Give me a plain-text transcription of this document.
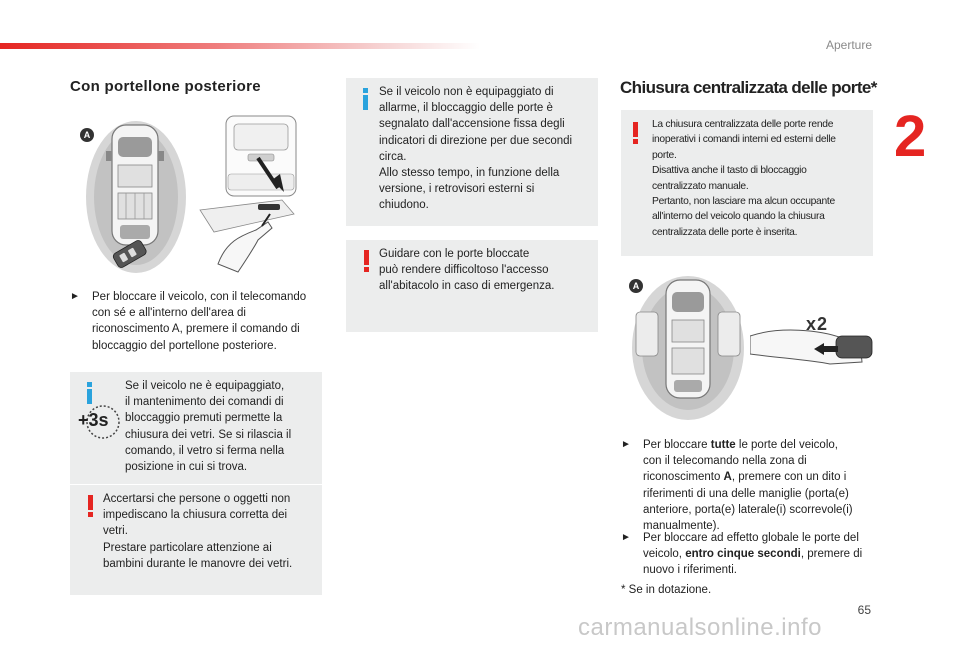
Aperture
2
Con portellone posteriore
A
► Per bloccare il veicolo, con il telecomando
con sé e all'interno dell'area di
riconoscimento A, premere il comando di
bloccaggio del portellone posteriore.
+3s
Se il veicolo ne è equipaggiato,
il mantenimento dei comandi di
bloccaggio premuti permette la
chiusura dei vetri. Se si rilascia il
comando, il vetro si ferma nella
posizione in cui si trova.
Accertarsi che persone o oggetti non
impediscano la chiusura corretta dei
vetri.
Prestare particolare attenzione ai
bambini durante le manovre dei vetri.
Se il veicolo non è equipaggiato di
allarme, il bloccaggio delle porte è
segnalato dall'accensione fissa degli
indicatori di direzione per due secondi
circa.
Allo stesso tempo, in funzione della
versione, i retrovisori esterni si
chiudono.
Guidare con le porte bloccate
può rendere difficoltoso l'accesso
all'abitacolo in caso di emergenza.
Chiusura centralizzata delle porte*
La chiusura centralizzata delle porte rende
inoperativi i comandi interni ed esterni delle
porte.
Disattiva anche il tasto di bloccaggio
centralizzato manuale.
Pertanto, non lasciare ma alcun occupante
all'interno del veicolo quando la chiusura
centralizzata delle porte è inserita.
A
x2
► Per bloccare tutte le porte del veicolo,
con il telecomando nella zona di
riconoscimento A, premere con un dito i
riferimenti di una delle maniglie (porta(e)
anteriore, porta(e) laterale(i) scorrevole(i)
manualmente).
► Per bloccare ad effetto globale le porte del
veicolo, entro cinque secondi, premere di
nuovo i riferimenti.
* Se in dotazione.
65
carmanualsonline.info
